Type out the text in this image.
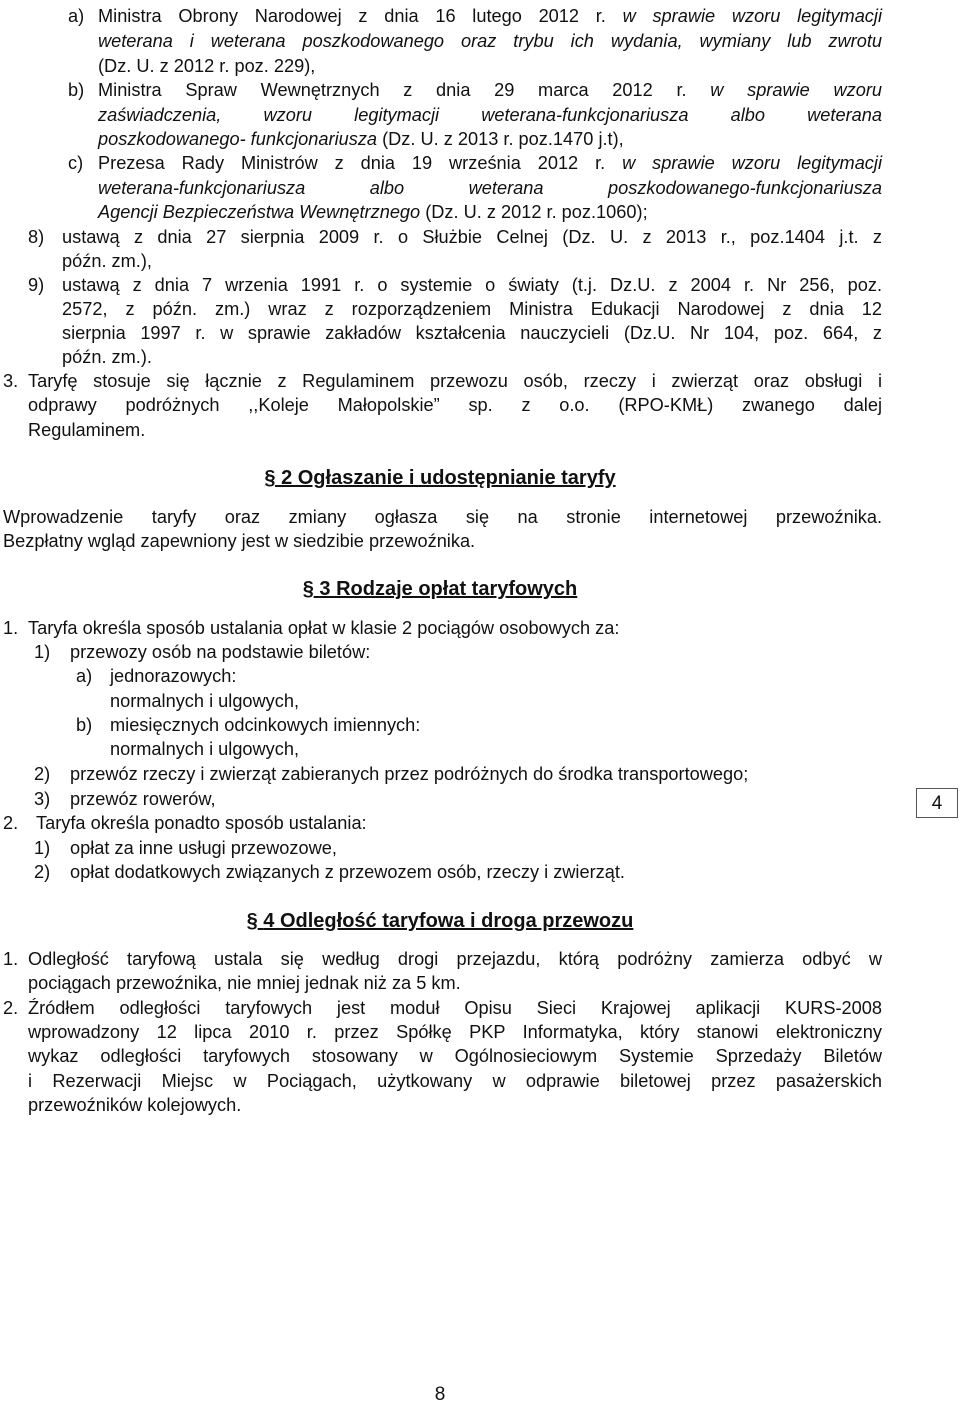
a) Ministra Obrony Narodowej z dnia 16 lutego 2012 r. w sprawie wzoru legitymacji
weterana i weterana poszkodowanego oraz trybu ich wydania, wymiany lub zwrotu
(Dz. U. z 2012 r. poz. 229),
b) Ministra Spraw Wewnętrznych z dnia 29 marca 2012 r. w sprawie wzoru
zaświadczenia, wzoru legitymacji weterana-funkcjonariusza albo weterana
poszkodowanego- funkcjonariusza (Dz. U. z 2013 r. poz.1470 j.t),
c) Prezesa Rady Ministrów z dnia 19 września 2012 r. w sprawie wzoru legitymacji
weterana-funkcjonariusza albo weterana poszkodowanego-funkcjonariusza
Agencji Bezpieczeństwa Wewnętrznego (Dz. U. z 2012 r. poz.1060);
8) ustawą z dnia 27 sierpnia 2009 r. o Służbie Celnej (Dz. U. z 2013 r., poz.1404 j.t. z
późn. zm.),
9) ustawą z dnia 7 wrzenia 1991 r. o systemie o światy (t.j. Dz.U. z 2004 r. Nr 256, poz.
2572, z późn. zm.) wraz z rozporządzeniem Ministra Edukacji Narodowej z dnia 12
sierpnia 1997 r. w sprawie zakładów kształcenia nauczycieli (Dz.U. Nr 104, poz. 664, z
późn. zm.).
3. Taryfę stosuje się łącznie z Regulaminem przewozu osób, rzeczy i zwierząt oraz obsługi i
odprawy podróżnych ,,Koleje Małopolskie” sp. z o.o. (RPO-KMŁ) zwanego dalej
Regulaminem.
§ 2 Ogłaszanie i udostępnianie taryfy
Wprowadzenie taryfy oraz zmiany ogłasza się na stronie internetowej przewoźnika.
Bezpłatny wgląd zapewniony jest w siedzibie przewoźnika.
§ 3 Rodzaje opłat taryfowych
1. Taryfa określa sposób ustalania opłat w klasie 2 pociągów osobowych za:
1) przewozy osób na podstawie biletów:
a) jednorazowych:
normalnych i ulgowych,
b) miesięcznych odcinkowych imiennych:
normalnych i ulgowych,
2) przewóz rzeczy i zwierząt zabieranych przez podróżnych do środka transportowego;
3) przewóz rowerów,
2. Taryfa określa ponadto sposób ustalania:
1) opłat za inne usługi przewozowe,
2) opłat dodatkowych związanych z przewozem osób, rzeczy i zwierząt.
§ 4 Odległość taryfowa i droga przewozu
1. Odległość taryfową ustala się według drogi przejazdu, którą podróżny zamierza odbyć w
pociągach przewoźnika, nie mniej jednak niż za 5 km.
2. Źródłem odległości taryfowych jest moduł Opisu Sieci Krajowej aplikacji KURS-2008
wprowadzony 12 lipca 2010 r. przez Spółkę PKP Informatyka, który stanowi elektroniczny
wykaz odległości taryfowych stosowany w Ogólnosieciowym Systemie Sprzedaży Biletów
i Rezerwacji Miejsc w Pociągach, użytkowany w odprawie biletowej przez pasażerskich
przewoźników kolejowych.
4
8
